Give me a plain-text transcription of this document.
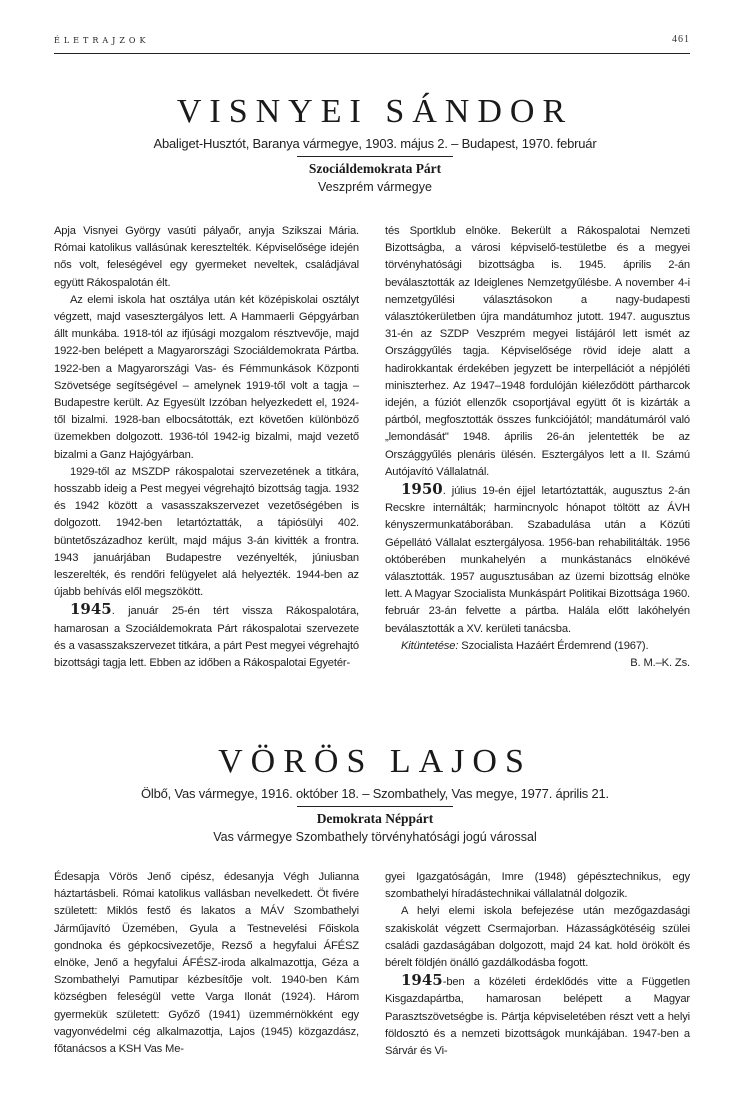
ÉLETRAJZOK	461
VISNYEI SÁNDOR
Abaliget-Husztót, Baranya vármegye, 1903. május 2. – Budapest, 1970. február
Szociáldemokrata Párt
Veszprém vármegye

Apja Visnyei György vasúti pályaőr, anyja Szikszai Mária. Római katolikus vallásúnak keresztelték. Képviselősége idején nős volt, feleségével egy gyermeket neveltek, családjával együtt Rákospalotán élt.

Az elemi iskola hat osztálya után két középiskolai osztályt végzett, majd vasesztergályos lett. A Hammaerli Gépgyárban állt munkába. 1918-tól az ifjúsági mozgalom résztvevője, majd 1922-ben belépett a Magyarországi Szociáldemokrata Pártba. 1922-ben a Magyarországi Vas- és Fémmunkások Központi Szövetsége segítségével – amelynek 1919-től volt a tagja – Budapestre került. Az Egyesült Izzóban helyezkedett el, 1924-től bizalmi. 1928-ban elbocsátották, ezt követően különböző üzemekben dolgozott. 1936-tól 1942-ig bizalmi, majd vezető bizalmi a Ganz Hajógyárban.

1929-től az MSZDP rákospalotai szervezetének a titkára, hosszabb ideig a Pest megyei végrehajtó bizottság tagja. 1932 és 1942 között a vasasszakszervezet vezetőségében is dolgozott. 1942-ben letartóztatták, a tápiósülyi 402. büntetőszázadhoz került, majd május 3-án kivitték a frontra. 1943 januárjában Budapestre vezényelték, júniusban leszerelték, és rendőri felügyelet alá helyezték. 1944-ben az újabb behívás elől megszökött.

1945. január 25-én tért vissza Rákospalotára, hamarosan a Szociáldemokrata Párt rákospalotai szervezete és a vasasszakszervezet titkára, a párt Pest megyei végrehajtó bizottsági tagja lett. Ebben az időben a Rákospalotai Egyetér-

tés Sportklub elnöke. Bekerült a Rákospalotai Nemzeti Bizottságba, a városi képviselő-testületbe és a megyei törvényhatósági bizottságba is. 1945. április 2-án beválasztották az Ideiglenes Nemzetgyűlésbe. A november 4-i nemzetgyűlési választásokon a nagy-budapesti választókerületben újra mandátumhoz jutott. 1947. augusztus 31-én az SZDP Veszprém megyei listájáról lett ismét az Országgyűlés tagja. Képviselősége rövid ideje alatt a hadirokkantak érdekében jegyzett be interpellációt a népjóléti miniszterhez. Az 1947–1948 fordulóján kiéleződött pártharcok idején, a fúziót ellenzők csoportjával együtt őt is kizárták a pártból, megfosztották összes funkciójától; mandátumáról való „lemondását" 1948. április 26-án jelentették be az Országgyűlés plenáris ülésén. Esztergályos lett a II. Számú Autójavító Vállalatnál.

1950. július 19-én éjjel letartóztatták, augusztus 2-án Recskre internálták; harmincnyolc hónapot töltött az ÁVH kényszermunkatáborában. Szabadulása után a Közúti Gépellátó Vállalat esztergályosa. 1956-ban rehabilitálták. 1956 októberében munkahelyén a munkástanács elnökévé választották. 1957 augusztusában az üzemi bizottság elnöke lett. A Magyar Szocialista Munkáspárt Politikai Bizottsága 1960. február 23-án felvette a pártba. Halála előtt lakóhelyén beválasztották a XV. kerületi tanácsba.

Kitüntetése: Szocialista Hazáért Érdemrend (1967).

B. M.–K. Zs.

VÖRÖS LAJOS
Ölbő, Vas vármegye, 1916. október 18. – Szombathely, Vas megye, 1977. április 21.
Demokrata Néppárt
Vas vármegye Szombathely törvényhatósági jogú várossal

Édesapja Vörös Jenő cipész, édesanyja Végh Julianna háztartásbeli. Római katolikus vallásban nevelkedett. Öt fivére született: Miklós festő és lakatos a MÁV Szombathelyi Járműjavító Üzemében, Gyula a Testnevelési Főiskola gondnoka és gépkocsivezetője, Rezső a hegyfalui ÁFÉSZ elnöke, Jenő a hegyfalui ÁFÉSZ-iroda alkalmazottja, Géza a Szombathelyi Pamutipar kézbesítője volt. 1940-ben Kám községben feleségül vette Varga Ilonát (1924). Három gyermekük született: Győző (1941) üzemmérnökként egy vagyonvédelmi cég alkalmazottja, Lajos (1945) közgazdász, főtanácsos a KSH Vas Me-

gyei Igazgatóságán, Imre (1948) gépésztechnikus, egy szombathelyi híradástechnikai vállalatnál dolgozik.

A helyi elemi iskola befejezése után mezőgazdasági szakiskolát végzett Csermajorban. Házasságkötéséig szülei családi gazdaságában dolgozott, majd 24 kat. hold örökölt és bérelt földjén önálló gazdálkodásba fogott.

1945-ben a közéleti érdeklődés vitte a Független Kisgazdapártba, hamarosan belépett a Magyar Parasztszövetségbe is. Pártja képviseletében részt vett a helyi földosztó és a nemzeti bizottságok munkájában. 1947-ben a Sárvár és Vi-
